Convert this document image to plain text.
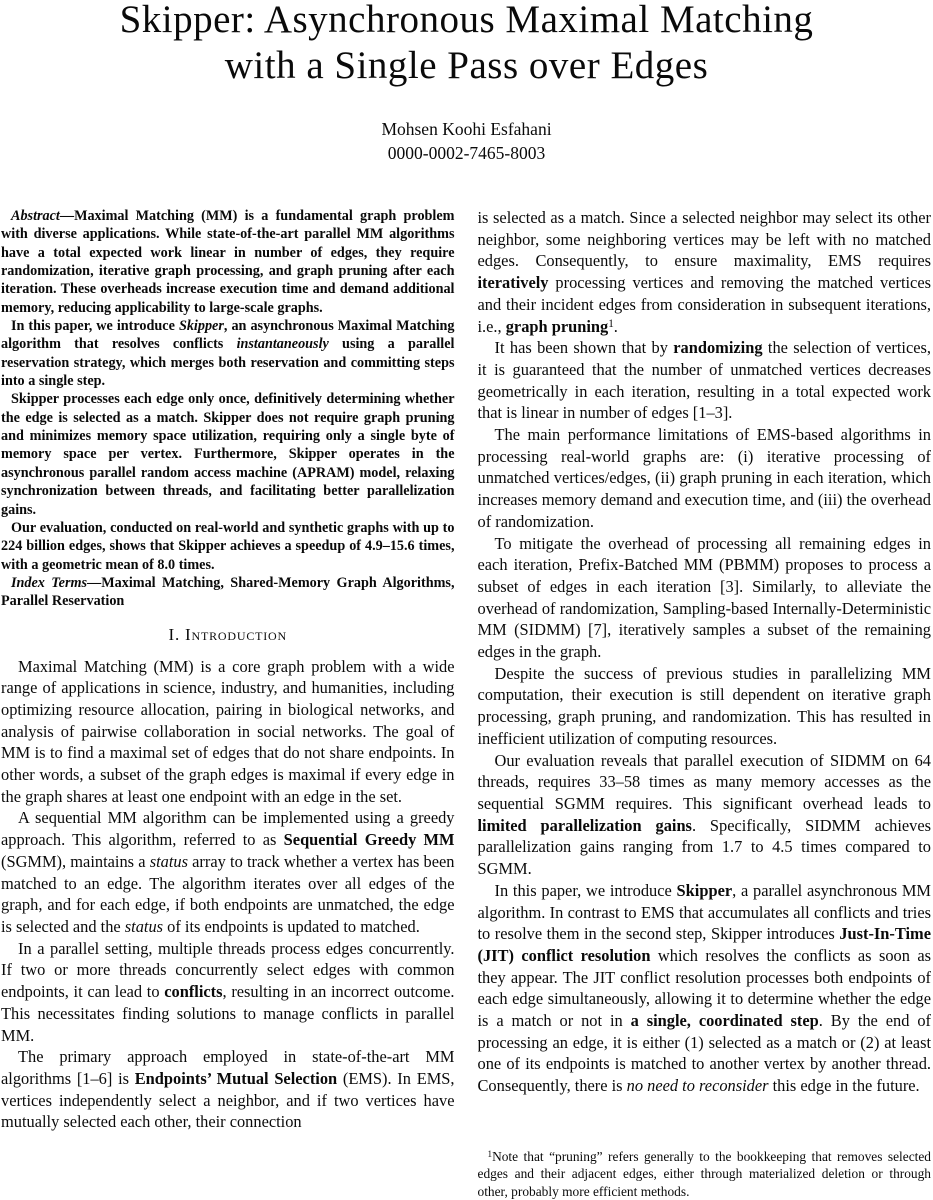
Skipper: Asynchronous Maximal Matching
with a Single Pass over Edges
Mohsen Koohi Esfahani
0000-0002-7465-8003

Abstract—Maximal Matching (MM) is a fundamental graph problem with diverse applications. While state-of-the-art parallel MM algorithms have a total expected work linear in number of edges, they require randomization, iterative graph processing, and graph pruning after each iteration. These overheads increase execution time and demand additional memory, reducing applicability to large-scale graphs.

In this paper, we introduce Skipper, an asynchronous Maximal Matching algorithm that resolves conflicts instantaneously using a parallel reservation strategy, which merges both reservation and committing steps into a single step.

Skipper processes each edge only once, definitively determining whether the edge is selected as a match. Skipper does not require graph pruning and minimizes memory space utilization, requiring only a single byte of memory space per vertex. Furthermore, Skipper operates in the asynchronous parallel random access machine (APRAM) model, relaxing synchronization between threads, and facilitating better parallelization gains.

Our evaluation, conducted on real-world and synthetic graphs with up to 224 billion edges, shows that Skipper achieves a speedup of 4.9–15.6 times, with a geometric mean of 8.0 times.

Index Terms—Maximal Matching, Shared-Memory Graph Algorithms, Parallel Reservation

I. Introduction

Maximal Matching (MM) is a core graph problem with a wide range of applications in science, industry, and humanities, including optimizing resource allocation, pairing in biological networks, and analysis of pairwise collaboration in social networks. The goal of MM is to find a maximal set of edges that do not share endpoints. In other words, a subset of the graph edges is maximal if every edge in the graph shares at least one endpoint with an edge in the set.

A sequential MM algorithm can be implemented using a greedy approach. This algorithm, referred to as Sequential Greedy MM (SGMM), maintains a status array to track whether a vertex has been matched to an edge. The algorithm iterates over all edges of the graph, and for each edge, if both endpoints are unmatched, the edge is selected and the status of its endpoints is updated to matched.

In a parallel setting, multiple threads process edges concurrently. If two or more threads concurrently select edges with common endpoints, it can lead to conflicts, resulting in an incorrect outcome. This necessitates finding solutions to manage conflicts in parallel MM.

The primary approach employed in state-of-the-art MM algorithms [1–6] is Endpoints’ Mutual Selection (EMS). In EMS, vertices independently select a neighbor, and if two vertices have mutually selected each other, their connection

is selected as a match. Since a selected neighbor may select its other neighbor, some neighboring vertices may be left with no matched edges. Consequently, to ensure maximality, EMS requires iteratively processing vertices and removing the matched vertices and their incident edges from consideration in subsequent iterations, i.e., graph pruning$^1$.

It has been shown that by randomizing the selection of vertices, it is guaranteed that the number of unmatched vertices decreases geometrically in each iteration, resulting in a total expected work that is linear in number of edges [1–3].

The main performance limitations of EMS-based algorithms in processing real-world graphs are: (i) iterative processing of unmatched vertices/edges, (ii) graph pruning in each iteration, which increases memory demand and execution time, and (iii) the overhead of randomization.

To mitigate the overhead of processing all remaining edges in each iteration, Prefix-Batched MM (PBMM) proposes to process a subset of edges in each iteration [3]. Similarly, to alleviate the overhead of randomization, Sampling-based Internally-Deterministic MM (SIDMM) [7], iteratively samples a subset of the remaining edges in the graph.

Despite the success of previous studies in parallelizing MM computation, their execution is still dependent on iterative graph processing, graph pruning, and randomization. This has resulted in inefficient utilization of computing resources.

Our evaluation reveals that parallel execution of SIDMM on 64 threads, requires 33–58 times as many memory accesses as the sequential SGMM requires. This significant overhead leads to limited parallelization gains. Specifically, SIDMM achieves parallelization gains ranging from 1.7 to 4.5 times compared to SGMM.

In this paper, we introduce Skipper, a parallel asynchronous MM algorithm. In contrast to EMS that accumulates all conflicts and tries to resolve them in the second step, Skipper introduces Just-In-Time (JIT) conflict resolution which resolves the conflicts as soon as they appear. The JIT conflict resolution processes both endpoints of each edge simultaneously, allowing it to determine whether the edge is a match or not in a single, coordinated step. By the end of processing an edge, it is either (1) selected as a match or (2) at least one of its endpoints is matched to another vertex by another thread. Consequently, there is no need to reconsider this edge in the future.

$^1$Note that “pruning” refers generally to the bookkeeping that removes selected edges and their adjacent edges, either through materialized deletion or through other, probably more efficient methods.
